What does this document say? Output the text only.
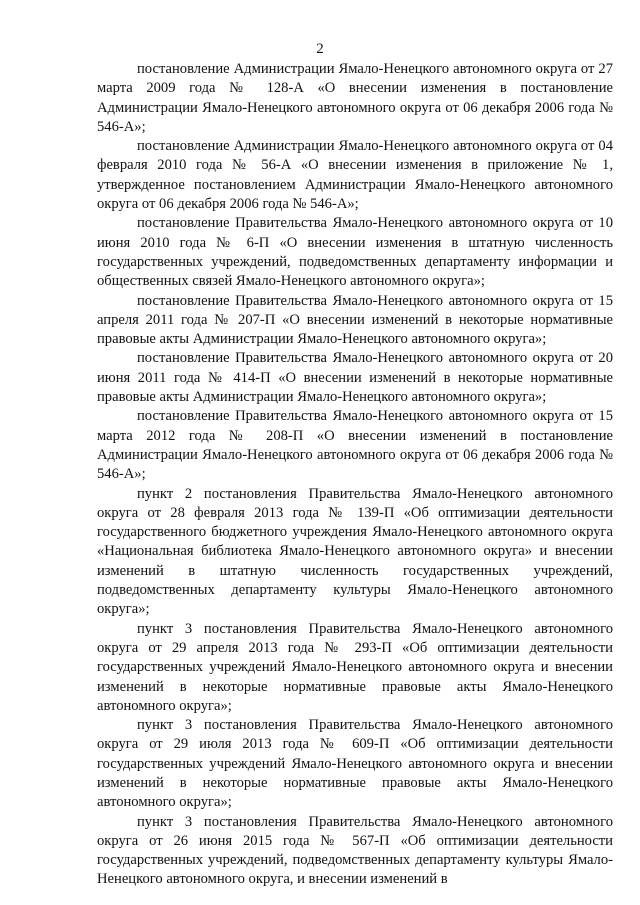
2

постановление Администрации Ямало-Ненецкого автономного округа от 27 марта 2009 года № 128-А «О внесении изменения в постановление Администрации Ямало-Ненецкого автономного округа от 06 декабря 2006 года № 546-А»;

постановление Администрации Ямало-Ненецкого автономного округа от 04 февраля 2010 года № 56-А «О внесении изменения в приложение № 1, утвержденное постановлением Администрации Ямало-Ненецкого автономного округа от 06 декабря 2006 года № 546-А»;

постановление Правительства Ямало-Ненецкого автономного округа от 10 июня 2010 года № 6-П «О внесении изменения в штатную численность государственных учреждений, подведомственных департаменту информации и общественных связей Ямало-Ненецкого автономного округа»;

постановление Правительства Ямало-Ненецкого автономного округа от 15 апреля 2011 года № 207-П «О внесении изменений в некоторые нормативные правовые акты Администрации Ямало-Ненецкого автономного округа»;

постановление Правительства Ямало-Ненецкого автономного округа от 20 июня 2011 года № 414-П «О внесении изменений в некоторые нормативные правовые акты Администрации Ямало-Ненецкого автономного округа»;

постановление Правительства Ямало-Ненецкого автономного округа от 15 марта 2012 года № 208-П «О внесении изменений в постановление Администрации Ямало-Ненецкого автономного округа от 06 декабря 2006 года № 546-А»;

пункт 2 постановления Правительства Ямало-Ненецкого автономного округа от 28 февраля 2013 года № 139-П «Об оптимизации деятельности государственного бюджетного учреждения Ямало-Ненецкого автономного округа «Национальная библиотека Ямало-Ненецкого автономного округа» и внесении изменений в штатную численность государственных учреждений, подведомственных департаменту культуры Ямало-Ненецкого автономного округа»;

пункт 3 постановления Правительства Ямало-Ненецкого автономного округа от 29 апреля 2013 года № 293-П «Об оптимизации деятельности государственных учреждений Ямало-Ненецкого автономного округа и внесении изменений в некоторые нормативные правовые акты Ямало-Ненецкого автономного округа»;

пункт 3 постановления Правительства Ямало-Ненецкого автономного округа от 29 июля 2013 года № 609-П «Об оптимизации деятельности государственных учреждений Ямало-Ненецкого автономного округа и внесении изменений в некоторые нормативные правовые акты Ямало-Ненецкого автономного округа»;

пункт 3 постановления Правительства Ямало-Ненецкого автономного округа от 26 июня 2015 года № 567-П «Об оптимизации деятельности государственных учреждений, подведомственных департаменту культуры Ямало-Ненецкого автономного округа, и внесении изменений в
